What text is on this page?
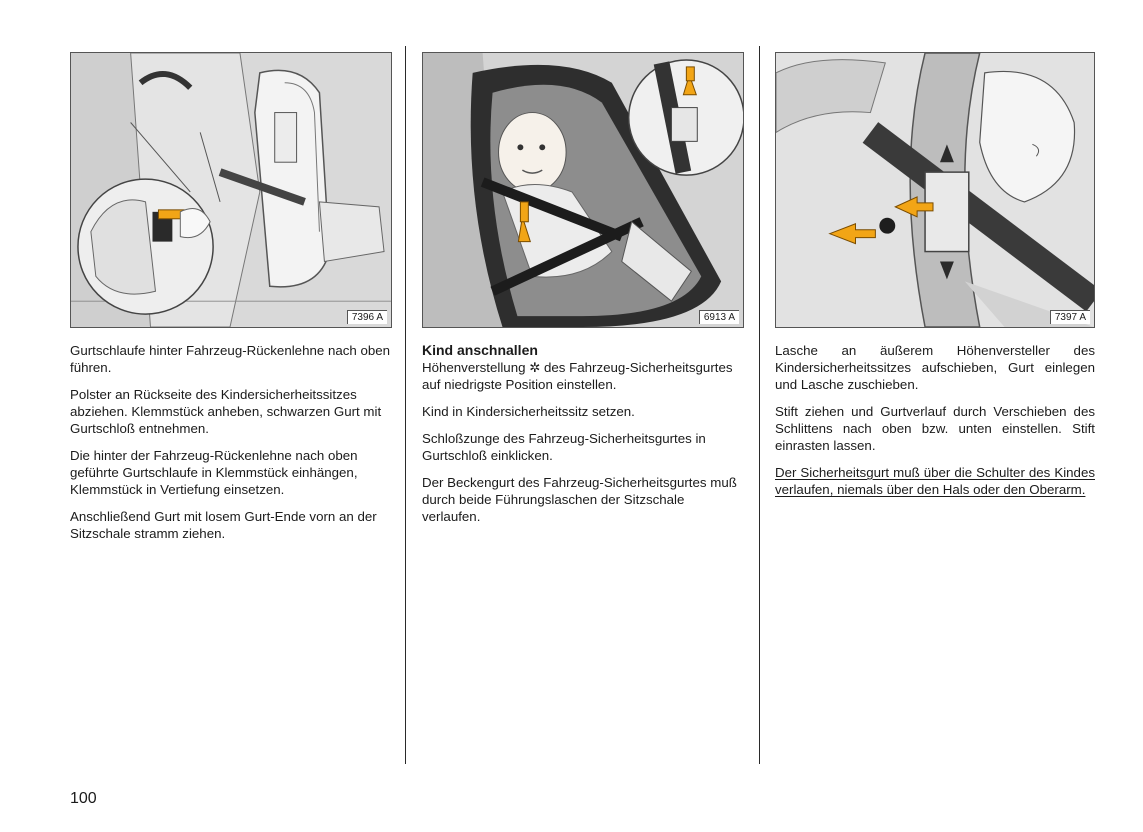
7396 A

Gurtschlaufe hinter Fahrzeug-Rückenlehne nach oben führen.

Polster an Rückseite des Kindersicherheitssitzes abziehen. Klemmstück anheben, schwarzen Gurt mit Gurtschloß entnehmen.

Die hinter der Fahrzeug-Rückenlehne nach oben geführte Gurtschlaufe in Klemmstück einhängen, Klemmstück in Vertiefung einsetzen.

Anschließend Gurt mit losem Gurt-Ende vorn an der Sitzschale stramm ziehen.

6913 A
Kind anschnallen

Höhenverstellung ✲ des Fahrzeug-Sicherheitsgurtes auf niedrigste Position einstellen.

Kind in Kindersicherheitssitz setzen.

Schloßzunge des Fahrzeug-Sicherheitsgurtes in Gurtschloß einklicken.

Der Beckengurt des Fahrzeug-Sicherheitsgurtes muß durch beide Führungslaschen der Sitzschale verlaufen.

7397 A

Lasche an äußerem Höhenversteller des Kindersicherheitssitzes aufschieben, Gurt einlegen und Lasche zuschieben.

Stift ziehen und Gurtverlauf durch Verschieben des Schlittens nach oben bzw. unten einstellen. Stift einrasten lassen.

Der Sicherheitsgurt muß über die Schulter des Kindes verlaufen, niemals über den Hals oder den Oberarm.

100
